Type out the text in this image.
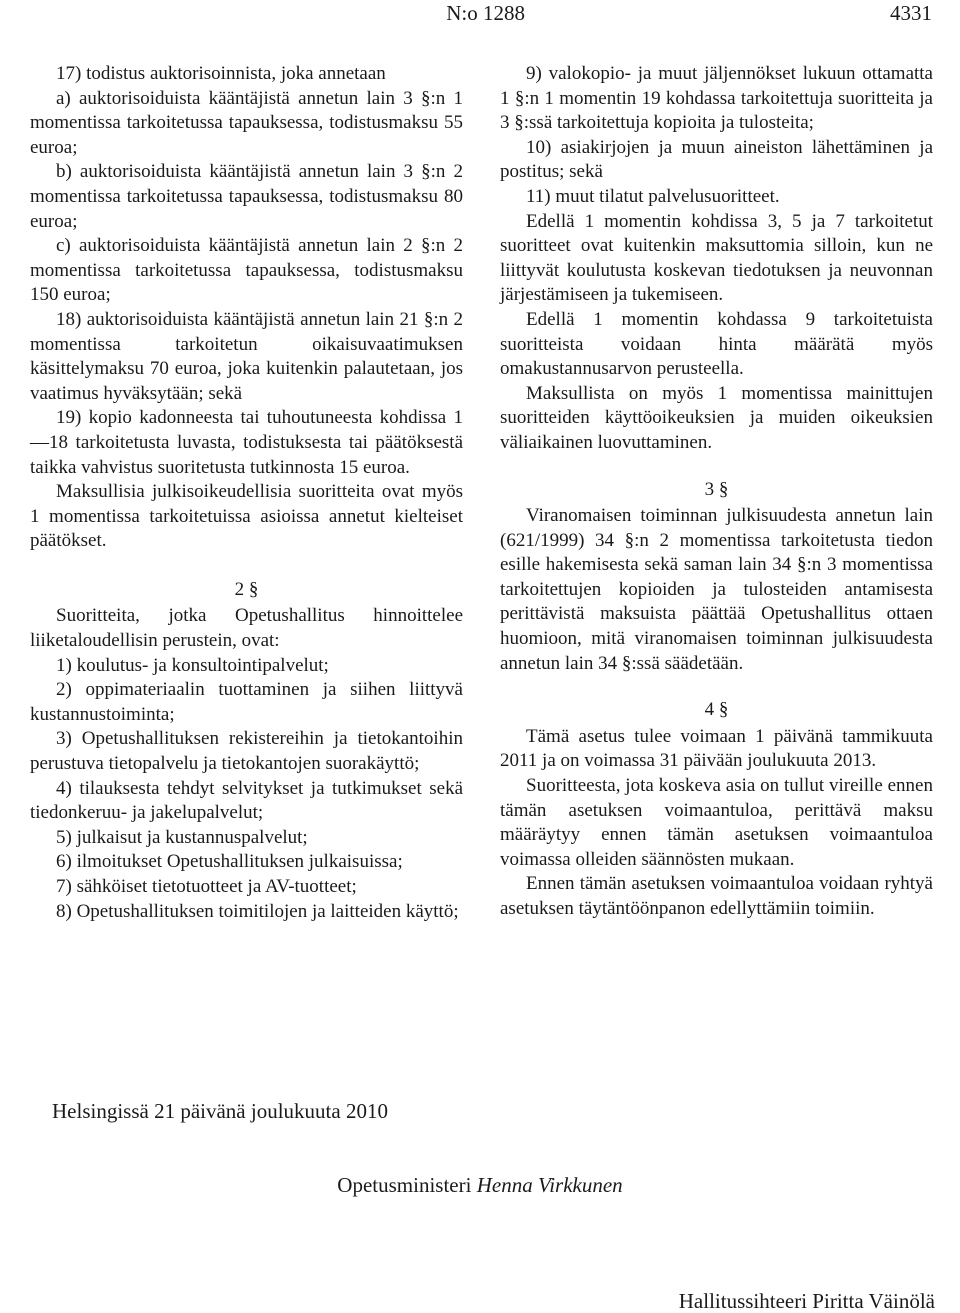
N:o 1288	4331

17) todistus auktorisoinnista, joka annetaan

a) auktorisoiduista kääntäjistä annetun lain 3 §:n 1 momentissa tarkoitetussa tapauksessa, todistusmaksu 55 euroa;

b) auktorisoiduista kääntäjistä annetun lain 3 §:n 2 momentissa tarkoitetussa tapauksessa, todistusmaksu 80 euroa;

c) auktorisoiduista kääntäjistä annetun lain 2 §:n 2 momentissa tarkoitetussa tapauksessa, todistusmaksu 150 euroa;

18) auktorisoiduista kääntäjistä annetun lain 21 §:n 2 momentissa tarkoitetun oikaisuvaatimuksen käsittelymaksu 70 euroa, joka kuitenkin palautetaan, jos vaatimus hyväksytään; sekä

19) kopio kadonneesta tai tuhoutuneesta kohdissa 1—18 tarkoitetusta luvasta, todistuksesta tai päätöksestä taikka vahvistus suoritetusta tutkinnosta 15 euroa.

Maksullisia julkisoikeudellisia suoritteita ovat myös 1 momentissa tarkoitetuissa asioissa annetut kielteiset päätökset.

2 §

Suoritteita, jotka Opetushallitus hinnoittelee liiketaloudellisin perustein, ovat:

1) koulutus- ja konsultointipalvelut;

2) oppimateriaalin tuottaminen ja siihen liittyvä kustannustoiminta;

3) Opetushallituksen rekistereihin ja tietokantoihin perustuva tietopalvelu ja tietokantojen suorakäyttö;

4) tilauksesta tehdyt selvitykset ja tutkimukset sekä tiedonkeruu- ja jakelupalvelut;

5) julkaisut ja kustannuspalvelut;

6) ilmoitukset Opetushallituksen julkaisuissa;

7) sähköiset tietotuotteet ja AV-tuotteet;

8) Opetushallituksen toimitilojen ja laitteiden käyttö;

9) valokopio- ja muut jäljennökset lukuun ottamatta 1 §:n 1 momentin 19 kohdassa tarkoitettuja suoritteita ja 3 §:ssä tarkoitettuja kopioita ja tulosteita;

10) asiakirjojen ja muun aineiston lähettäminen ja postitus; sekä

11) muut tilatut palvelusuoritteet.

Edellä 1 momentin kohdissa 3, 5 ja 7 tarkoitetut suoritteet ovat kuitenkin maksuttomia silloin, kun ne liittyvät koulutusta koskevan tiedotuksen ja neuvonnan järjestämiseen ja tukemiseen.

Edellä 1 momentin kohdassa 9 tarkoitetuista suoritteista voidaan hinta määrätä myös omakustannusarvon perusteella.

Maksullista on myös 1 momentissa mainittujen suoritteiden käyttöoikeuksien ja muiden oikeuksien väliaikainen luovuttaminen.

3 §

Viranomaisen toiminnan julkisuudesta annetun lain (621/1999) 34 §:n 2 momentissa tarkoitetusta tiedon esille hakemisesta sekä saman lain 34 §:n 3 momentissa tarkoitettujen kopioiden ja tulosteiden antamisesta perittävistä maksuista päättää Opetushallitus ottaen huomioon, mitä viranomaisen toiminnan julkisuudesta annetun lain 34 §:ssä säädetään.

4 §

Tämä asetus tulee voimaan 1 päivänä tammikuuta 2011 ja on voimassa 31 päivään joulukuuta 2013.

Suoritteesta, jota koskeva asia on tullut vireille ennen tämän asetuksen voimaantuloa, perittävä maksu määräytyy ennen tämän asetuksen voimaantuloa voimassa olleiden säännösten mukaan.

Ennen tämän asetuksen voimaantuloa voidaan ryhtyä asetuksen täytäntöönpanon edellyttämiin toimiin.

Helsingissä 21 päivänä joulukuuta 2010
Opetusministeri Henna Virkkunen
Hallitussihteeri Piritta Väinölä
